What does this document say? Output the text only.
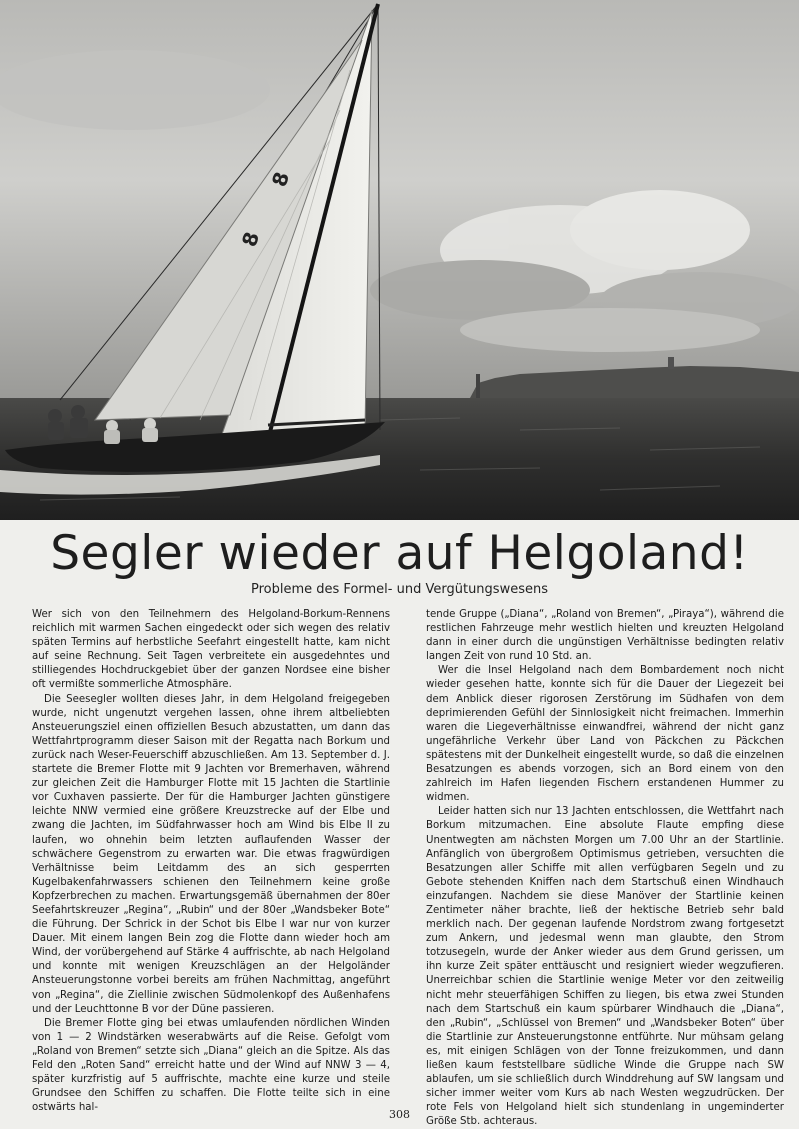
8
8
Segler wieder auf Helgoland!
Probleme des Formel- und Vergütungswesens

Wer sich von den Teilnehmern des Helgoland-Borkum-Rennens reichlich mit warmen Sachen eingedeckt oder sich wegen des relativ späten Termins auf herbstliche Seefahrt eingestellt hatte, kam nicht auf seine Rechnung. Seit Tagen verbreitete ein ausgedehntes und stilliegendes Hochdruckgebiet über der ganzen Nordsee eine bisher oft vermißte sommerliche Atmosphäre.

Die Seesegler wollten dieses Jahr, in dem Helgoland freigegeben wurde, nicht ungenutzt vergehen lassen, ohne ihrem altbeliebten Ansteuerungsziel einen offiziellen Besuch abzustatten, um dann das Wettfahrtprogramm dieser Saison mit der Regatta nach Borkum und zurück nach Weser-Feuerschiff abzuschließen. Am 13. September d. J. startete die Bremer Flotte mit 9 Jachten vor Bremerhaven, während zur gleichen Zeit die Hamburger Flotte mit 15 Jachten die Startlinie vor Cuxhaven passierte. Der für die Hamburger Jachten günstigere leichte NNW vermied eine größere Kreuzstrecke auf der Elbe und zwang die Jachten, im Südfahrwasser hoch am Wind bis Elbe II zu laufen, wo ohnehin beim letzten auflaufenden Wasser der schwächere Gegenstrom zu erwarten war. Die etwas fragwürdigen Verhältnisse beim Leitdamm des an sich gesperrten Kugelbakenfahrwassers schienen den Teilnehmern keine große Kopfzerbrechen zu machen. Erwartungsgemäß übernahmen der 80er Seefahrtskreuzer „Regina“, „Rubin“ und der 80er „Wandsbeker Bote“ die Führung. Der Schrick in der Schot bis Elbe I war nur von kurzer Dauer. Mit einem langen Bein zog die Flotte dann wieder hoch am Wind, der vorübergehend auf Stärke 4 auffrischte, ab nach Helgoland und konnte mit wenigen Kreuzschlägen an der Helgoländer Ansteuerungstonne vorbei bereits am frühen Nachmittag, angeführt von „Regina“, die Ziellinie zwischen Südmolenkopf des Außenhafens und der Leuchttonne B vor der Düne passieren.

Die Bremer Flotte ging bei etwas umlaufenden nördlichen Winden von 1 — 2 Windstärken weserabwärts auf die Reise. Gefolgt vom „Roland von Bremen“ setzte sich „Diana“ gleich an die Spitze. Als das Feld den „Roten Sand“ erreicht hatte und der Wind auf NNW 3 — 4, später kurzfristig auf 5 auffrischte, machte eine kurze und steile Grundsee den Schiffen zu schaffen. Die Flotte teilte sich in eine ostwärts hal-

tende Gruppe („Diana“, „Roland von Bremen“, „Piraya“), während die restlichen Fahrzeuge mehr westlich hielten und kreuzten Helgoland dann in einer durch die ungünstigen Verhältnisse bedingten relativ langen Zeit von rund 10 Std. an.

Wer die Insel Helgoland nach dem Bombardement noch nicht wieder gesehen hatte, konnte sich für die Dauer der Liegezeit bei dem Anblick dieser rigorosen Zerstörung im Südhafen von dem deprimierenden Gefühl der Sinnlosigkeit nicht freimachen. Immerhin waren die Liegeverhältnisse einwandfrei, während der nicht ganz ungefährliche Verkehr über Land von Päckchen zu Päckchen spätestens mit der Dunkelheit eingestellt wurde, so daß die einzelnen Besatzungen es abends vorzogen, sich an Bord einem von den zahlreich im Hafen liegenden Fischern erstandenen Hummer zu widmen.

Leider hatten sich nur 13 Jachten entschlossen, die Wettfahrt nach Borkum mitzumachen. Eine absolute Flaute empfing diese Unentwegten am nächsten Morgen um 7.00 Uhr an der Startlinie. Anfänglich von übergroßem Optimismus getrieben, versuchten die Besatzungen aller Schiffe mit allen verfügbaren Segeln und zu Gebote stehenden Kniffen nach dem Startschuß einen Windhauch einzufangen. Nachdem sie diese Manöver der Startlinie keinen Zentimeter näher brachte, ließ der hektische Betrieb sehr bald merklich nach. Der gegenan laufende Nordstrom zwang fortgesetzt zum Ankern, und jedesmal wenn man glaubte, den Strom totzusegeln, wurde der Anker wieder aus dem Grund gerissen, um ihn kurze Zeit später enttäuscht und resigniert wieder wegzufieren. Unerreichbar schien die Startlinie wenige Meter vor den zeitweilig nicht mehr steuerfähigen Schiffen zu liegen, bis etwa zwei Stunden nach dem Startschuß ein kaum spürbarer Windhauch die „Diana“, den „Rubin“, „Schlüssel von Bremen“ und „Wandsbeker Boten“ über die Startlinie zur Ansteuerungstonne entführte. Nur mühsam gelang es, mit einigen Schlägen von der Tonne freizukommen, und dann ließen kaum feststellbare südliche Winde die Gruppe nach SW ablaufen, um sie schließlich durch Winddrehung auf SW langsam und sicher immer weiter vom Kurs ab nach Westen wegzudrücken. Der rote Fels von Helgoland hielt sich stundenlang in ungeminderter Größe Stb. achteraus.

308
